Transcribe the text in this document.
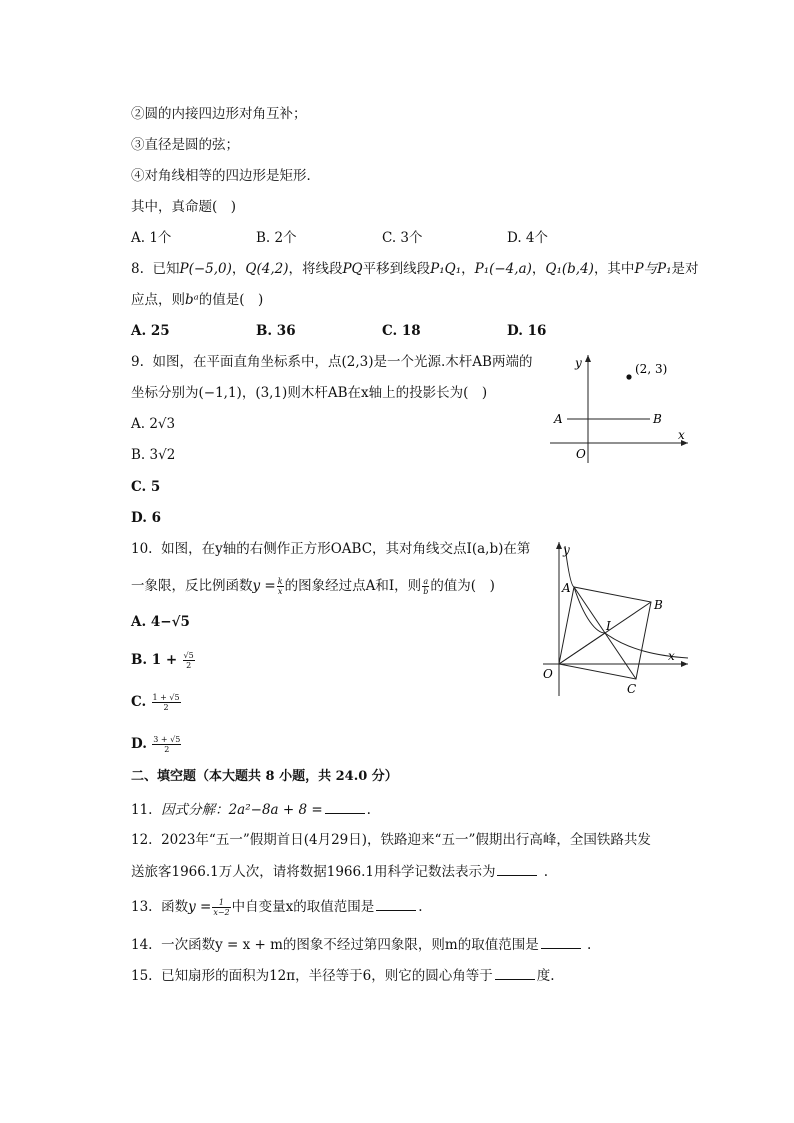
②圆的内接四边形对角互补；
③直径是圆的弦；
④对角线相等的四边形是矩形．
其中，真命题(　)
A. 1个	B. 2个	C. 3个	D. 4个
8. 已知P(−5,0)，Q(4,2)，将线段PQ平移到线段P₁Q₁，P₁(−4,a)，Q₁(b,4)，其中P与P₁是对
应点，则bᵃ的值是(　)
A. 25	B. 36	C. 18	D. 16
9. 如图，在平面直角坐标系中，点(2,3)是一个光源.木杆AB两端的
坐标分别为(−1,1)，(3,1)则木杆AB在x轴上的投影长为(　)
A. 2√3
B. 3√2
C. 5
D. 6
(2, 3)
y
x
A	B
O
10. 如图，在y轴的右侧作正方形OABC，其对角线交点I(a,b)在第
一象限，反比例函数$y = \frac{k}{x}$ 的图象经过点A和I，则 $\frac{a}{b}$ 的值为(　)
A. 4−√5
B. $1 + \frac{√5}{2}$
C. $\frac{1 + √5}{2}$
D. $\frac{3 + √5}{2}$
y
x
A
B
I
C
O
二、填空题（本大题共 8 小题，共 24.0 分）
11. 因式分解：2a²−8a + 8 =	.
12. 2023年“五一”假期首日(4月29日)，铁路迎来“五一”假期出行高峰，全国铁路共发
送旅客1966.1万人次，请将数据1966.1用科学记数法表示为	.
13. 函数$y = \frac{1}{x-2}$ 中自变量x的取值范围是	.
14. 一次函数y = x + m的图象不经过第四象限，则m的取值范围是	.
15. 已知扇形的面积为12π，半径等于6，则它的圆心角等于	度.
